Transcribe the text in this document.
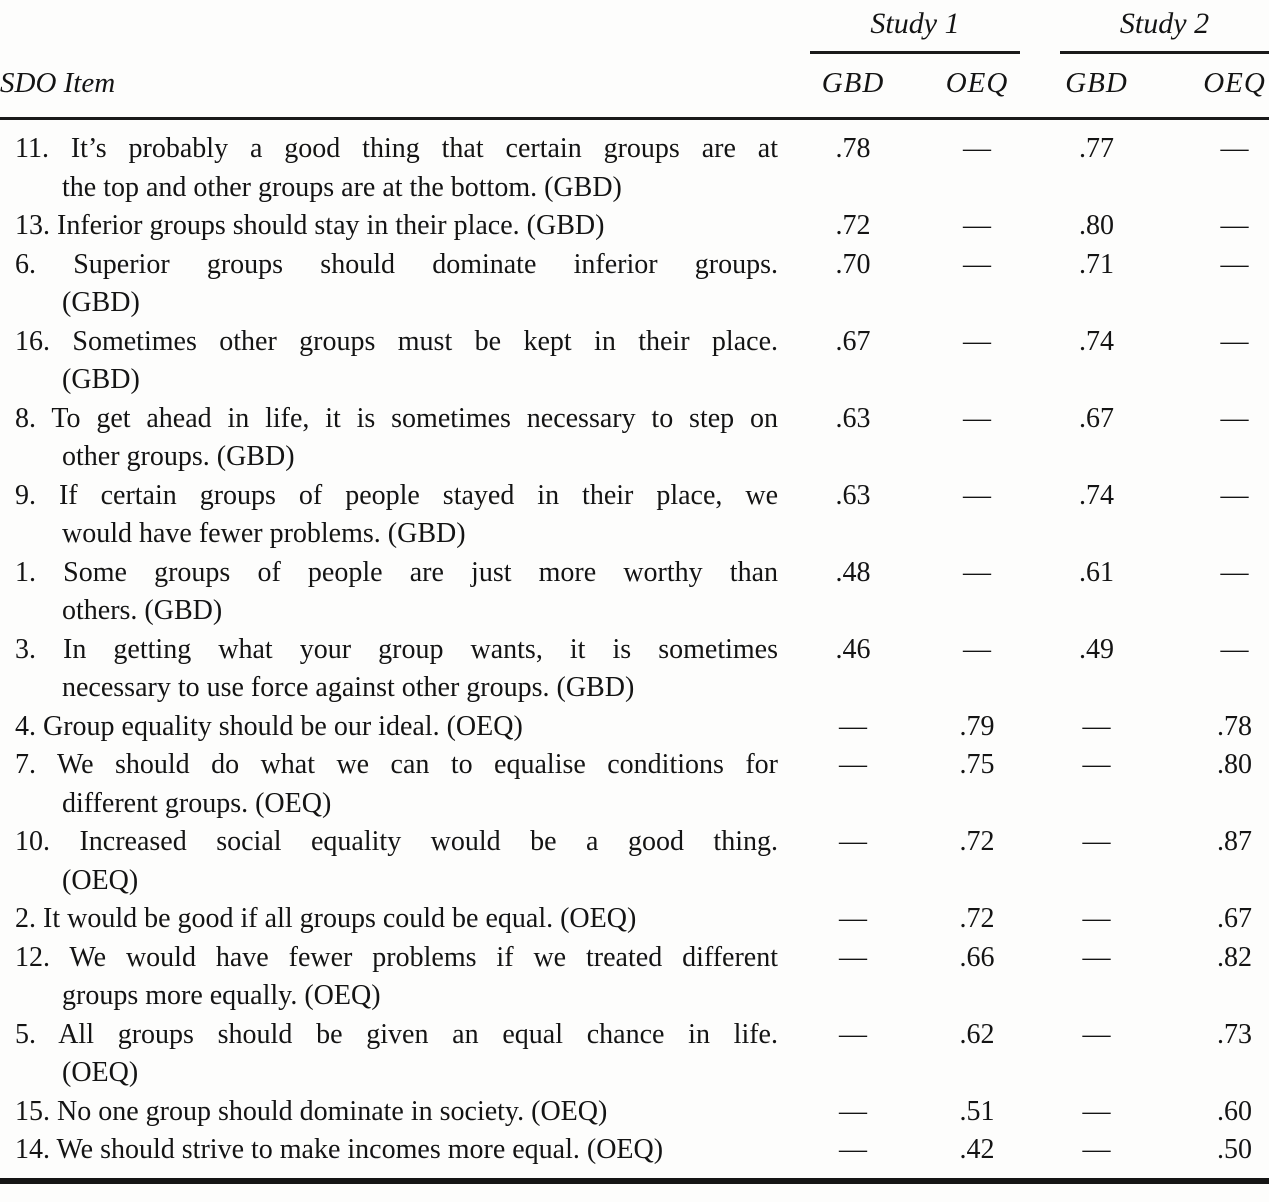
	Study 1		Study 2	

SDO Item	GBD	OEQ	GBD	OEQ

11. It’s probably a good thing that certain groups are at
the top and other groups are at the bottom. (GBD)	.78	—	.77	—

13. Inferior groups should stay in their place. (GBD)	.72	—	.80	—

6. Superior groups should dominate inferior groups.
(GBD)	.70	—	.71	—

16. Sometimes other groups must be kept in their place.
(GBD)	.67	—	.74	—

8. To get ahead in life, it is sometimes necessary to step on
other groups. (GBD)	.63	—	.67	—

9. If certain groups of people stayed in their place, we
would have fewer problems. (GBD)	.63	—	.74	—

1. Some groups of people are just more worthy than
others. (GBD)	.48	—	.61	—

3. In getting what your group wants, it is sometimes
necessary to use force against other groups. (GBD)	.46	—	.49	—

4. Group equality should be our ideal. (OEQ)	—	.79	—	.78

7. We should do what we can to equalise conditions for
different groups. (OEQ)	—	.75	—	.80

10. Increased social equality would be a good thing.
(OEQ)	—	.72	—	.87

2. It would be good if all groups could be equal. (OEQ)	—	.72	—	.67

12. We would have fewer problems if we treated different
groups more equally. (OEQ)	—	.66	—	.82

5. All groups should be given an equal chance in life.
(OEQ)	—	.62	—	.73

15. No one group should dominate in society. (OEQ)	—	.51	—	.60

14. We should strive to make incomes more equal. (OEQ)	—	.42	—	.50
